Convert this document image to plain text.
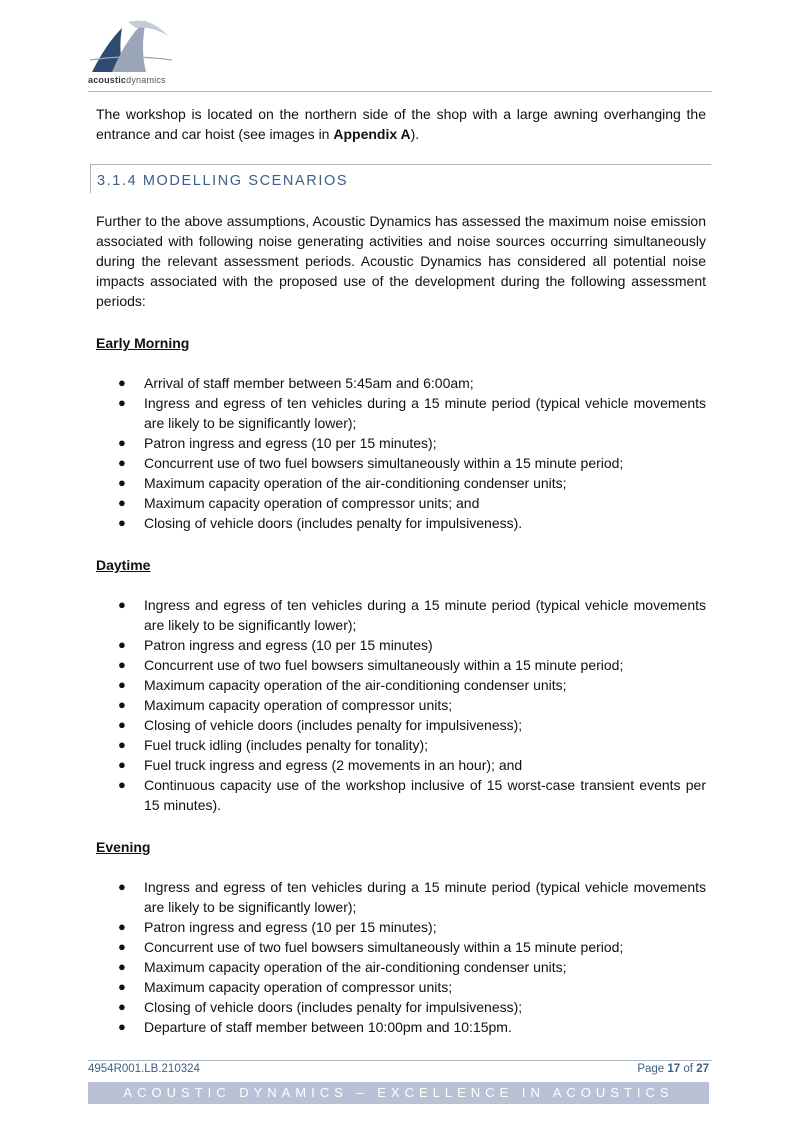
acousticdynamics

The workshop is located on the northern side of the shop with a large awning overhanging the entrance and car hoist (see images in Appendix A).

3.1.4 MODELLING SCENARIOS

Further to the above assumptions, Acoustic Dynamics has assessed the maximum noise emission associated with following noise generating activities and noise sources occurring simultaneously during the relevant assessment periods. Acoustic Dynamics has considered all potential noise impacts associated with the proposed use of the development during the following assessment periods:

Early Morning
● Arrival of staff member between 5:45am and 6:00am;
● Ingress and egress of ten vehicles during a 15 minute period (typical vehicle movements are likely to be significantly lower);
● Patron ingress and egress (10 per 15 minutes);
● Concurrent use of two fuel bowsers simultaneously within a 15 minute period;
● Maximum capacity operation of the air-conditioning condenser units;
● Maximum capacity operation of compressor units; and
● Closing of vehicle doors (includes penalty for impulsiveness).
Daytime
● Ingress and egress of ten vehicles during a 15 minute period (typical vehicle movements are likely to be significantly lower);
● Patron ingress and egress (10 per 15 minutes)
● Concurrent use of two fuel bowsers simultaneously within a 15 minute period;
● Maximum capacity operation of the air-conditioning condenser units;
● Maximum capacity operation of compressor units;
● Closing of vehicle doors (includes penalty for impulsiveness);
● Fuel truck idling (includes penalty for tonality);
● Fuel truck ingress and egress (2 movements in an hour); and
● Continuous capacity use of the workshop inclusive of 15 worst-case transient events per 15 minutes).
Evening
● Ingress and egress of ten vehicles during a 15 minute period (typical vehicle movements are likely to be significantly lower);
● Patron ingress and egress (10 per 15 minutes);
● Concurrent use of two fuel bowsers simultaneously within a 15 minute period;
● Maximum capacity operation of the air-conditioning condenser units;
● Maximum capacity operation of compressor units;
● Closing of vehicle doors (includes penalty for impulsiveness);
● Departure of staff member between 10:00pm and 10:15pm.
4954R001.LB.210324	Page 17 of 27
ACOUSTIC DYNAMICS – EXCELLENCE IN ACOUSTICS
